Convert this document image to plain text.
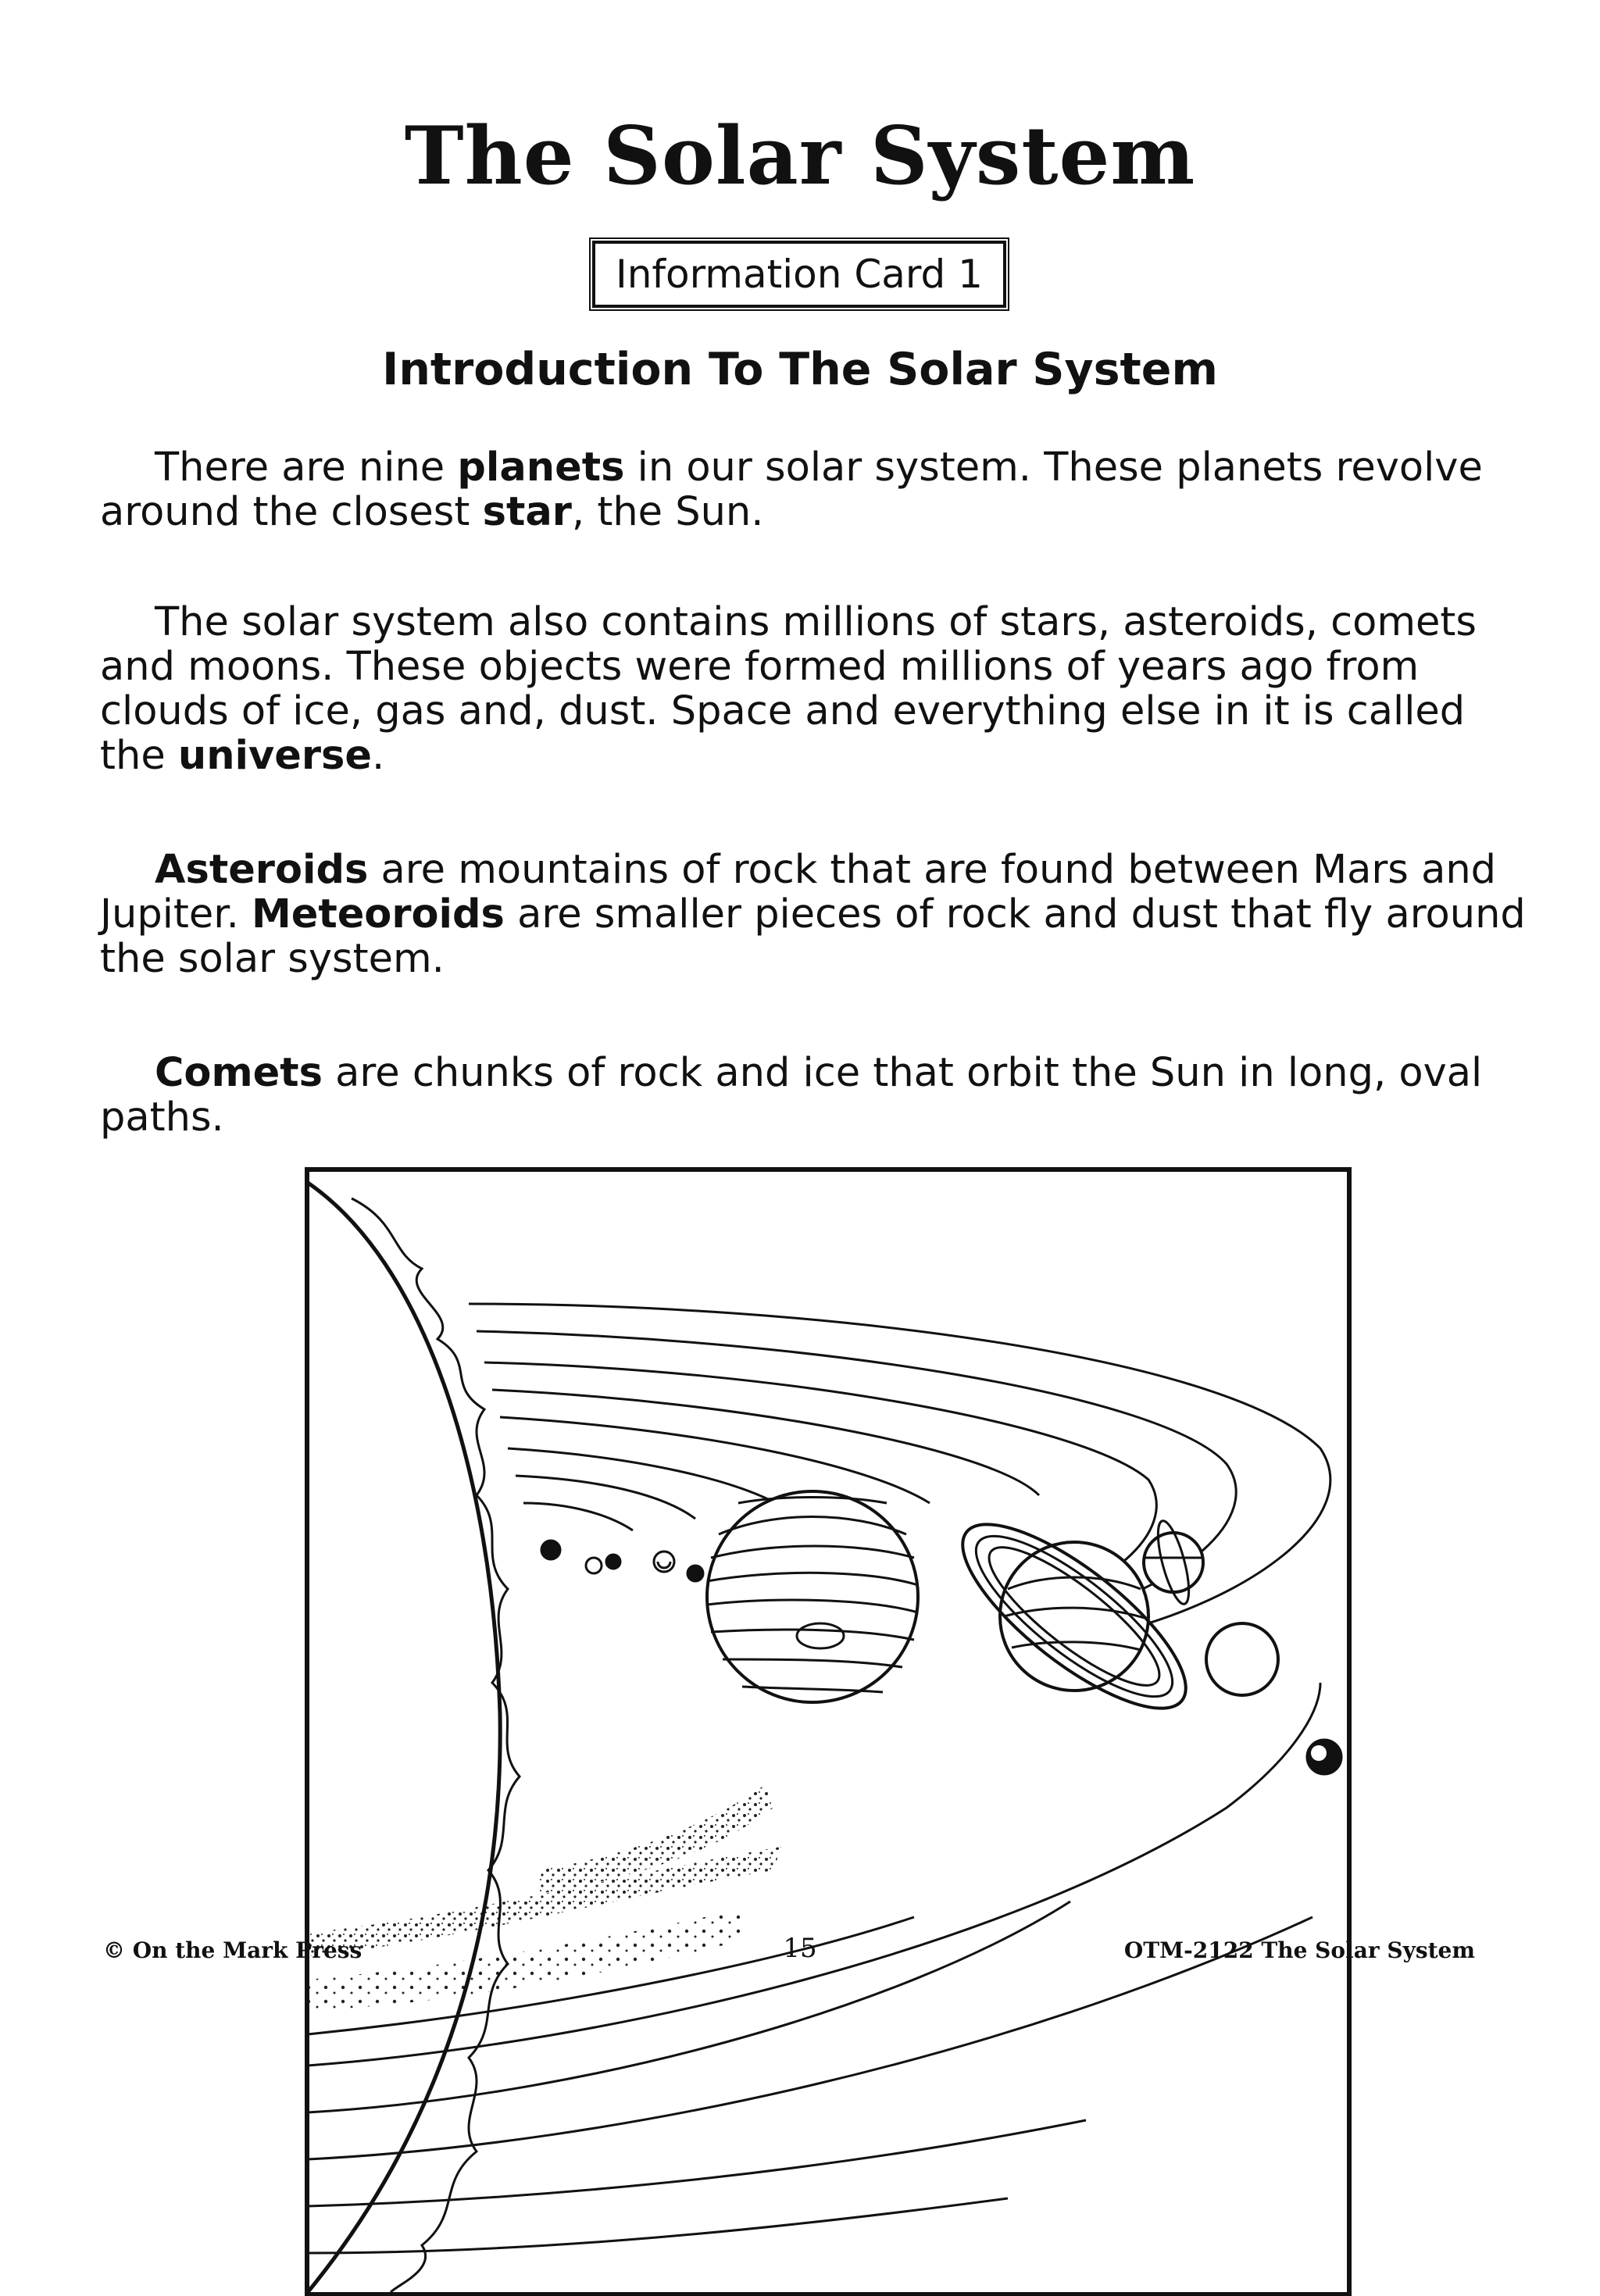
The Solar System
Information Card 1
Introduction To The Solar System

There are nine planets in our solar system. These planets revolve around the closest star, the Sun.

The solar system also contains millions of stars, asteroids, comets and moons. These objects were formed millions of years ago from clouds of ice, gas and, dust. Space and everything else in it is called the universe.

Asteroids are mountains of rock that are found between Mars and Jupiter. Meteoroids are smaller pieces of rock and dust that fly around the solar system.

Comets are chunks of rock and ice that orbit the Sun in long, oval paths.

© On the Mark Press	15	OTM-2122 The Solar System
